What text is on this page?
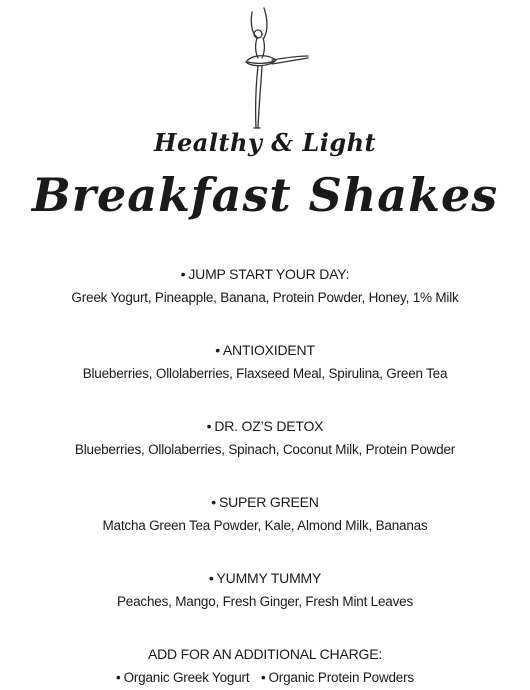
Healthy & Light
Breakfast Shakes
• JUMP START YOUR DAY:
Greek Yogurt, Pineapple, Banana, Protein Powder, Honey, 1% Milk
• ANTIOXIDENT
Blueberries, Ollolaberries, Flaxseed Meal, Spirulina, Green Tea
• DR. OZ’S DETOX
Blueberries, Ollolaberries, Spinach, Coconut Milk, Protein Powder
• SUPER GREEN
Matcha Green Tea Powder, Kale, Almond Milk, Bananas
• YUMMY TUMMY
Peaches, Mango, Fresh Ginger, Fresh Mint Leaves
ADD FOR AN ADDITIONAL CHARGE:
• Organic Greek Yogurt • Organic Protein Powders
